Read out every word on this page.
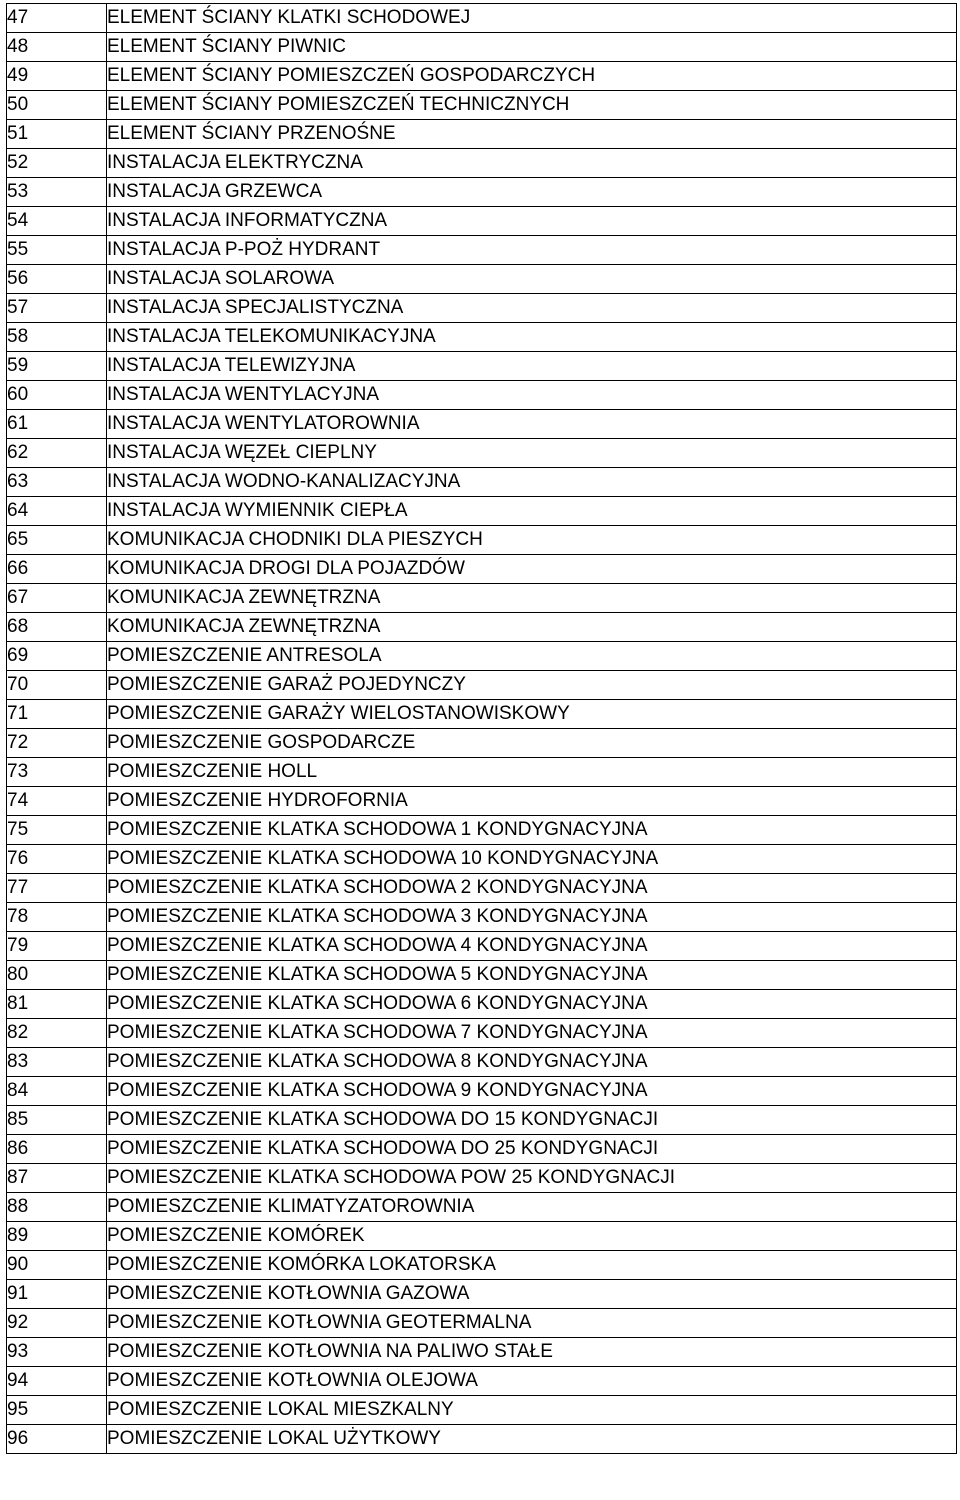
47	ELEMENT ŚCIANY KLATKI SCHODOWEJ
48	ELEMENT ŚCIANY PIWNIC
49	ELEMENT ŚCIANY POMIESZCZEŃ GOSPODARCZYCH
50	ELEMENT ŚCIANY POMIESZCZEŃ TECHNICZNYCH
51	ELEMENT ŚCIANY PRZENOŚNE
52	INSTALACJA ELEKTRYCZNA
53	INSTALACJA GRZEWCA
54	INSTALACJA INFORMATYCZNA
55	INSTALACJA P-POŻ HYDRANT
56	INSTALACJA SOLAROWA
57	INSTALACJA SPECJALISTYCZNA
58	INSTALACJA TELEKOMUNIKACYJNA
59	INSTALACJA TELEWIZYJNA
60	INSTALACJA WENTYLACYJNA
61	INSTALACJA WENTYLATOROWNIA
62	INSTALACJA WĘZEŁ CIEPLNY
63	INSTALACJA WODNO-KANALIZACYJNA
64	INSTALACJA WYMIENNIK CIEPŁA
65	KOMUNIKACJA CHODNIKI DLA PIESZYCH
66	KOMUNIKACJA DROGI DLA POJAZDÓW
67	KOMUNIKACJA ZEWNĘTRZNA
68	KOMUNIKACJA ZEWNĘTRZNA
69	POMIESZCZENIE ANTRESOLA
70	POMIESZCZENIE GARAŻ POJEDYNCZY
71	POMIESZCZENIE GARAŻY WIELOSTANOWISKOWY
72	POMIESZCZENIE GOSPODARCZE
73	POMIESZCZENIE HOLL
74	POMIESZCZENIE HYDROFORNIA
75	POMIESZCZENIE KLATKA SCHODOWA 1 KONDYGNACYJNA
76	POMIESZCZENIE KLATKA SCHODOWA 10 KONDYGNACYJNA
77	POMIESZCZENIE KLATKA SCHODOWA 2 KONDYGNACYJNA
78	POMIESZCZENIE KLATKA SCHODOWA 3 KONDYGNACYJNA
79	POMIESZCZENIE KLATKA SCHODOWA 4 KONDYGNACYJNA
80	POMIESZCZENIE KLATKA SCHODOWA 5 KONDYGNACYJNA
81	POMIESZCZENIE KLATKA SCHODOWA 6 KONDYGNACYJNA
82	POMIESZCZENIE KLATKA SCHODOWA 7 KONDYGNACYJNA
83	POMIESZCZENIE KLATKA SCHODOWA 8 KONDYGNACYJNA
84	POMIESZCZENIE KLATKA SCHODOWA 9 KONDYGNACYJNA
85	POMIESZCZENIE KLATKA SCHODOWA DO 15 KONDYGNACJI
86	POMIESZCZENIE KLATKA SCHODOWA DO 25 KONDYGNACJI
87	POMIESZCZENIE KLATKA SCHODOWA POW 25 KONDYGNACJI
88	POMIESZCZENIE KLIMATYZATOROWNIA
89	POMIESZCZENIE KOMÓREK
90	POMIESZCZENIE KOMÓRKA LOKATORSKA
91	POMIESZCZENIE KOTŁOWNIA GAZOWA
92	POMIESZCZENIE KOTŁOWNIA GEOTERMALNA
93	POMIESZCZENIE KOTŁOWNIA NA PALIWO STAŁE
94	POMIESZCZENIE KOTŁOWNIA OLEJOWA
95	POMIESZCZENIE LOKAL MIESZKALNY
96	POMIESZCZENIE LOKAL UŻYTKOWY
